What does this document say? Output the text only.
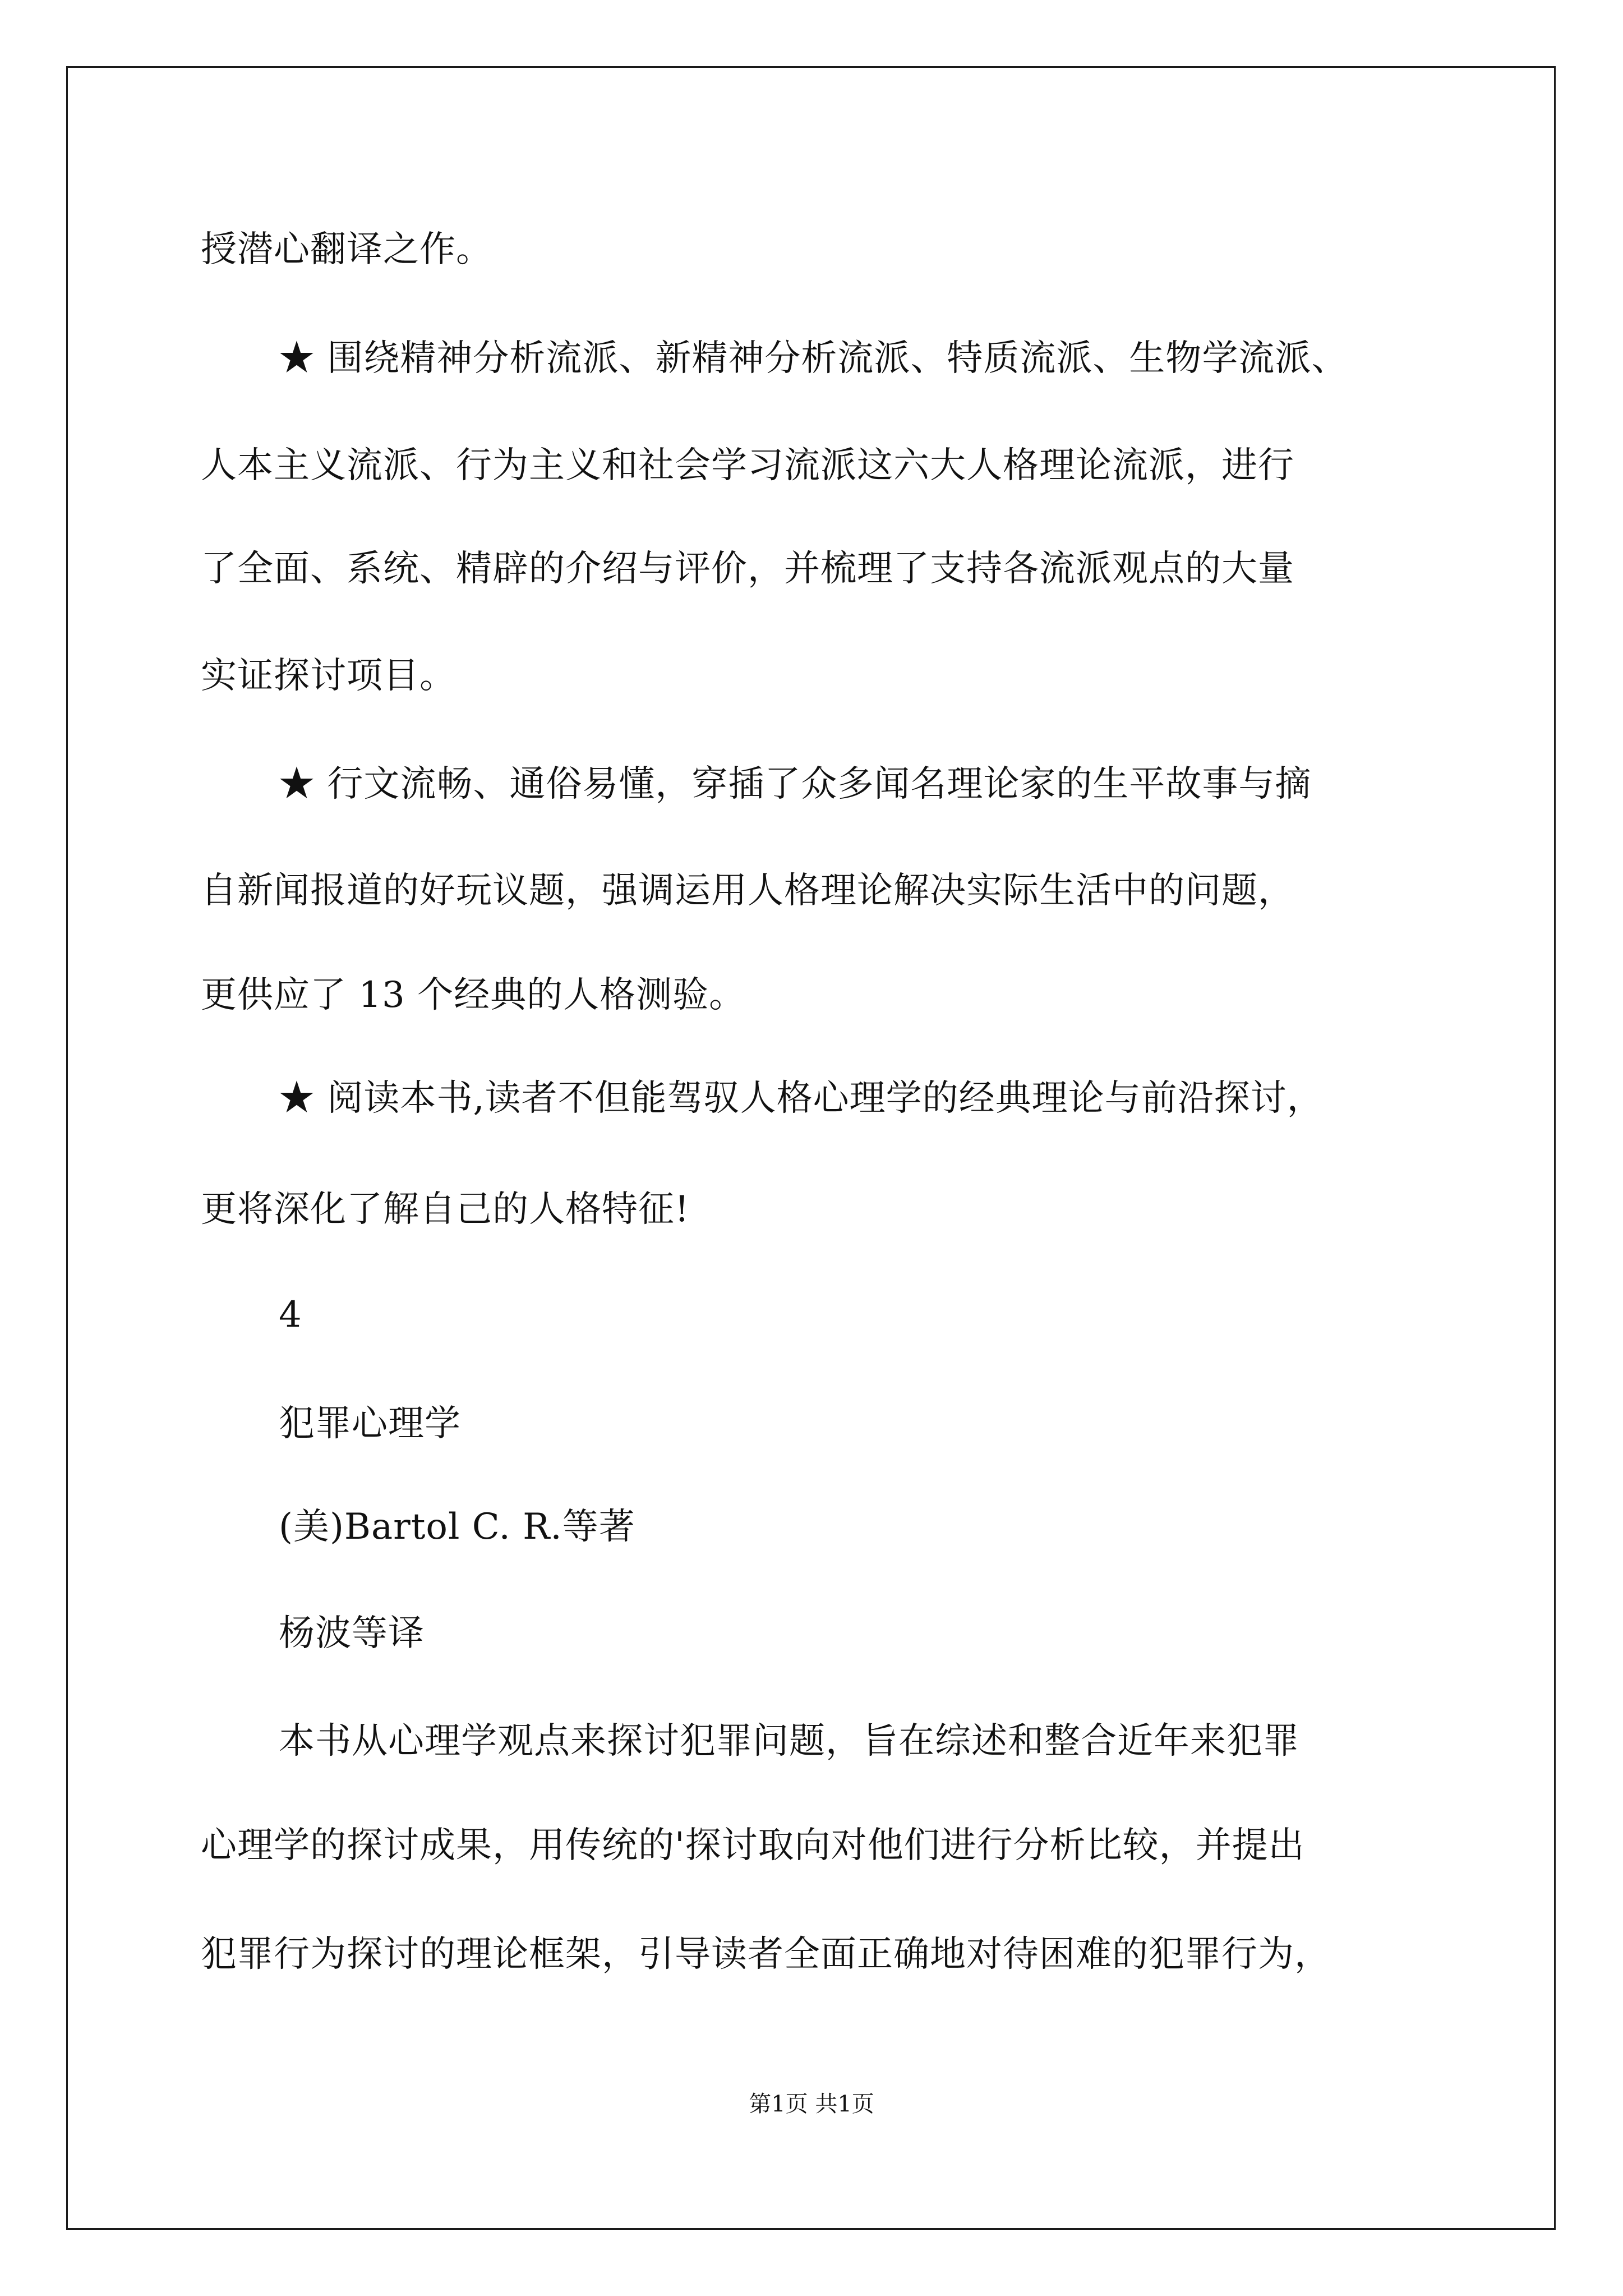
授潜心翻译之作。
★ 围绕精神分析流派、新精神分析流派、特质流派、生物学流派、
人本主义流派、行为主义和社会学习流派这六大人格理论流派，进行
了全面、系统、精辟的介绍与评价，并梳理了支持各流派观点的大量
实证探讨项目。
★ 行文流畅、通俗易懂，穿插了众多闻名理论家的生平故事与摘
自新闻报道的好玩议题，强调运用人格理论解决实际生活中的问题，
更供应了 13 个经典的人格测验。
★ 阅读本书,读者不但能驾驭人格心理学的经典理论与前沿探讨，
更将深化了解自己的人格特征!
4
犯罪心理学
(美)Bartol C. R.等著
杨波等译
本书从心理学观点来探讨犯罪问题，旨在综述和整合近年来犯罪
心理学的探讨成果，用传统的'探讨取向对他们进行分析比较，并提出
犯罪行为探讨的理论框架，引导读者全面正确地对待困难的犯罪行为，
第1页 共1页
